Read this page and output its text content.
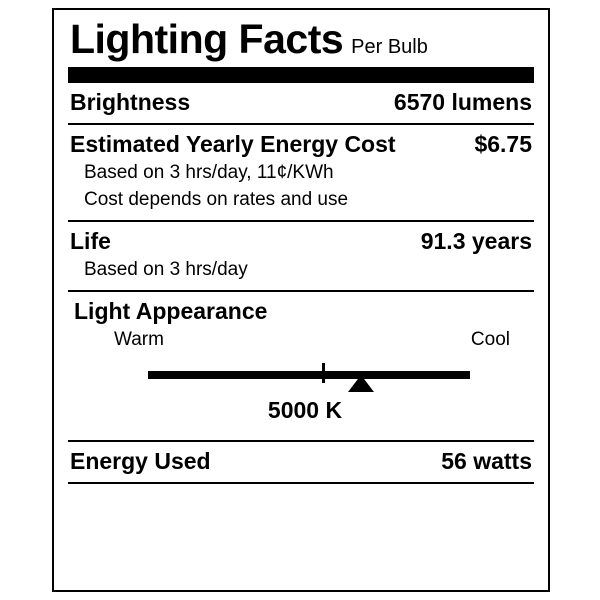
Lighting Facts Per Bulb
Brightness	6570 lumens
Estimated Yearly Energy Cost	$6.75
Based on 3 hrs/day, 11¢/KWh
Cost depends on rates and use
Life	91.3 years
Based on 3 hrs/day
Light Appearance
Warm	Cool
5000 K
Energy Used	56 watts
